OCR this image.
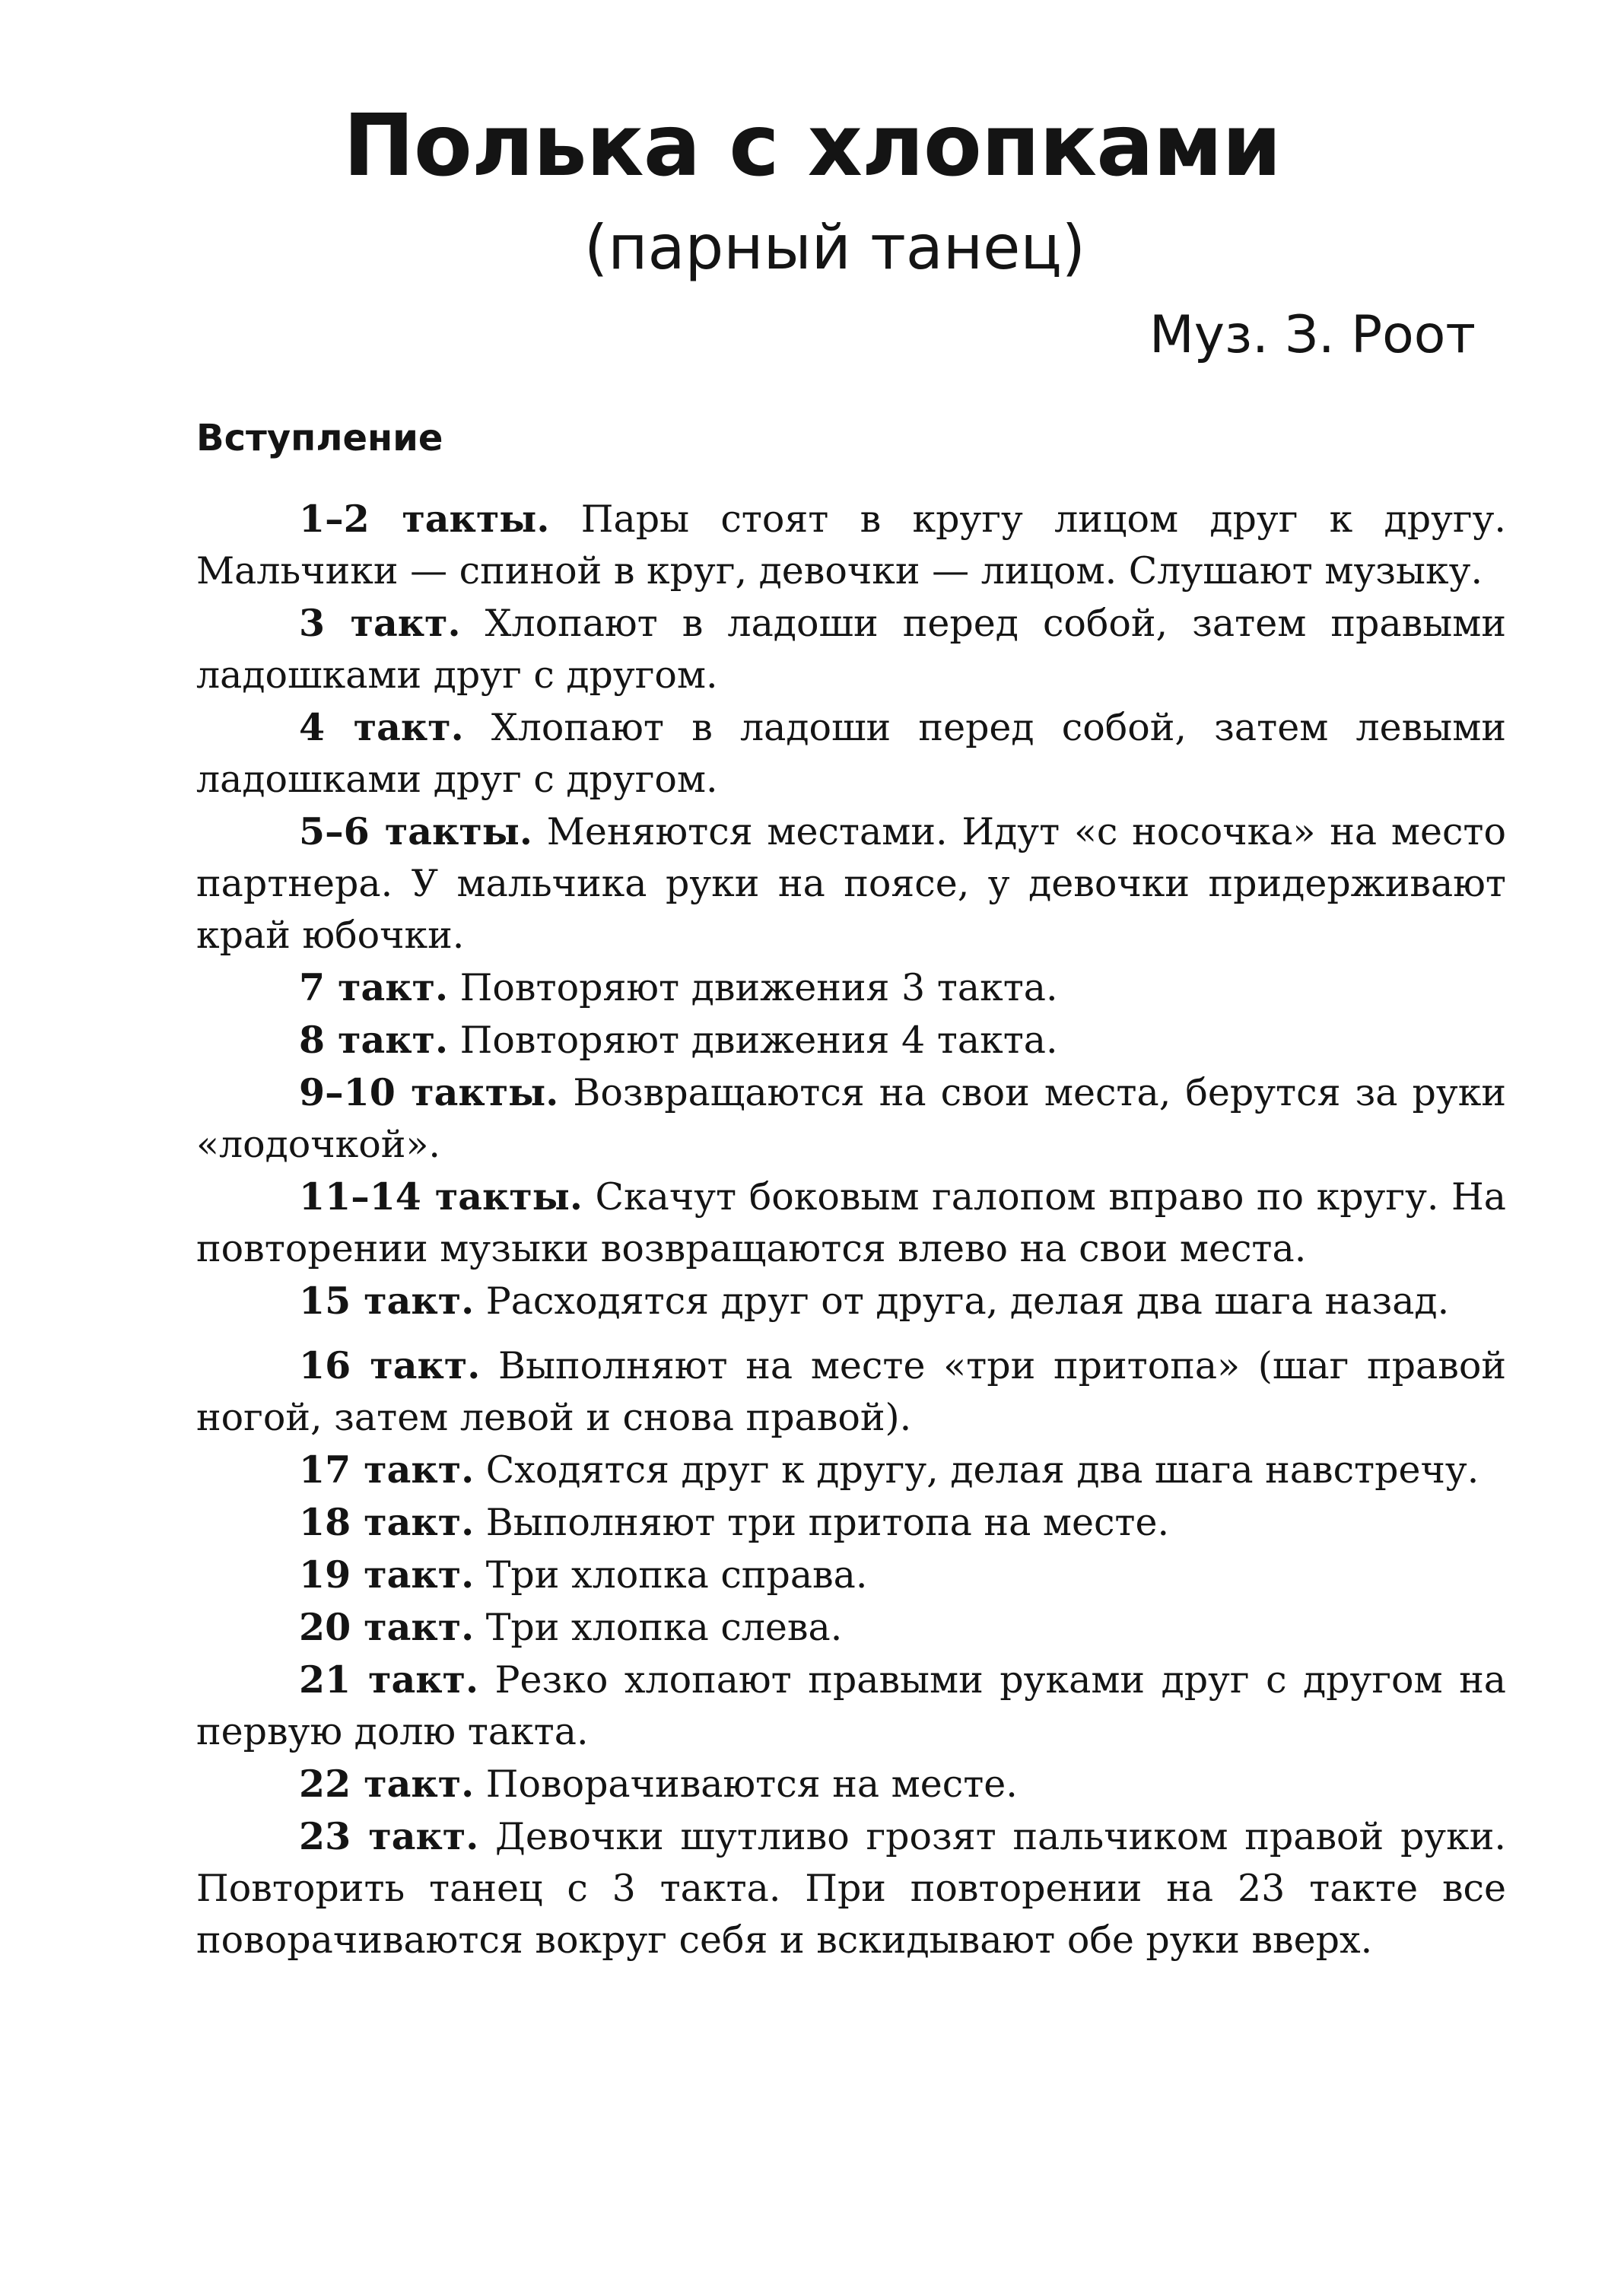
Полька с хлопками
(парный танец)
Муз. З. Роот
Вступление

1–2 такты. Пары стоят в кругу лицом друг к другу. Мальчики — спиной в круг, девочки — лицом. Слушают музыку.

3 такт. Хлопают в ладоши перед собой, затем правыми ладошками друг с другом.

4 такт. Хлопают в ладоши перед собой, затем левыми ладошками друг с другом.

5–6 такты. Меняются местами. Идут «с носочка» на место партнера. У мальчика руки на поясе, у девочки придерживают край юбочки.

7 такт. Повторяют движения 3 такта.

8 такт. Повторяют движения 4 такта.

9–10 такты. Возвращаются на свои места, берутся за руки «лодочкой».

11–14 такты. Скачут боковым галопом вправо по кругу. На повторении музыки возвращаются влево на свои места.

15 такт. Расходятся друг от друга, делая два шага назад.

16 такт. Выполняют на месте «три притопа» (шаг правой ногой, затем левой и снова правой).

17 такт. Сходятся друг к другу, делая два шага навстречу.

18 такт. Выполняют три притопа на месте.

19 такт. Три хлопка справа.

20 такт. Три хлопка слева.

21 такт. Резко хлопают правыми руками друг с другом на первую долю такта.

22 такт. Поворачиваются на месте.

23 такт. Девочки шутливо грозят пальчиком правой руки. Повторить танец с 3 такта. При повторении на 23 такте все поворачиваются вокруг себя и вскидывают обе руки вверх.
